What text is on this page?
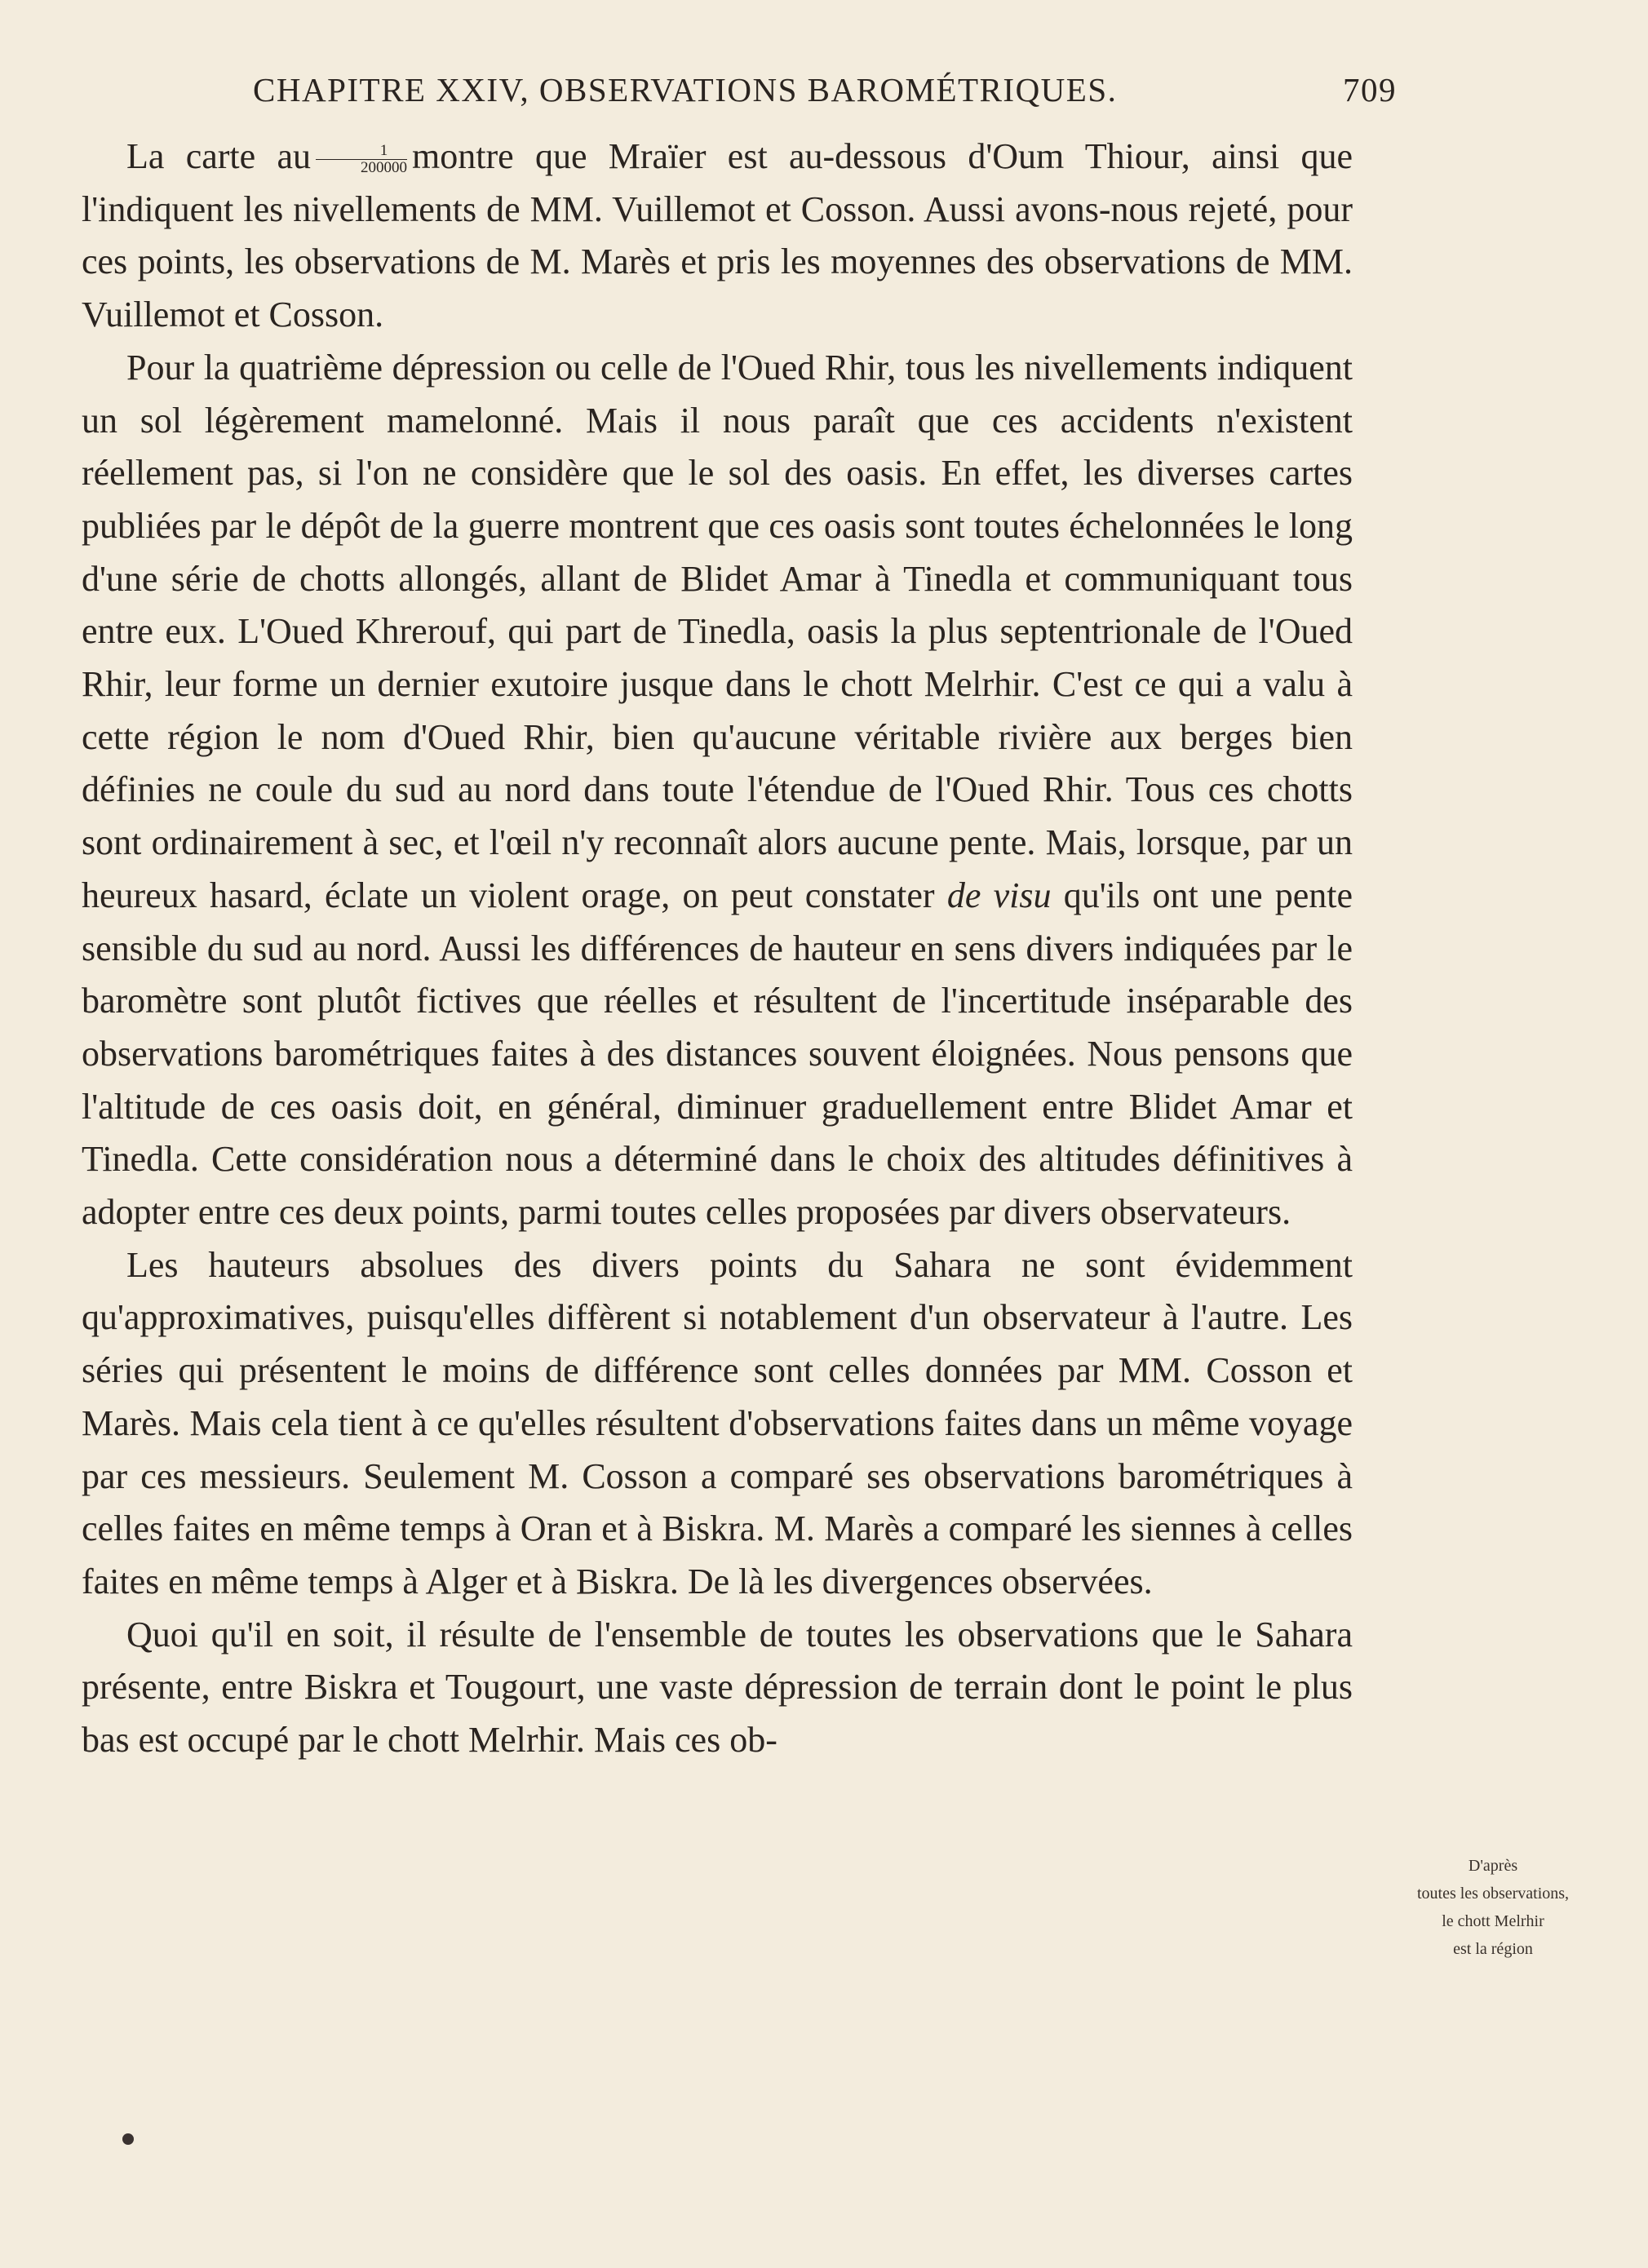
CHAPITRE XXIV, OBSERVATIONS BAROMÉTRIQUES.	709

La carte au $\frac{1}{200000}$ montre que Mraïer est au-dessous d'Oum Thiour, ainsi que l'indiquent les nivellements de MM. Vuillemot et Cosson. Aussi avons-nous rejeté, pour ces points, les observations de M. Marès et pris les moyennes des observations de MM. Vuillemot et Cosson.

Pour la quatrième dépression ou celle de l'Oued Rhir, tous les nivellements indiquent un sol légèrement mamelonné. Mais il nous paraît que ces accidents n'existent réellement pas, si l'on ne considère que le sol des oasis. En effet, les diverses cartes publiées par le dépôt de la guerre montrent que ces oasis sont toutes échelonnées le long d'une série de chotts allongés, allant de Blidet Amar à Tinedla et communiquant tous entre eux. L'Oued Khrerouf, qui part de Tinedla, oasis la plus septentrionale de l'Oued Rhir, leur forme un dernier exutoire jusque dans le chott Melrhir. C'est ce qui a valu à cette région le nom d'Oued Rhir, bien qu'aucune véritable rivière aux berges bien définies ne coule du sud au nord dans toute l'étendue de l'Oued Rhir. Tous ces chotts sont ordinairement à sec, et l'œil n'y reconnaît alors aucune pente. Mais, lorsque, par un heureux hasard, éclate un violent orage, on peut constater de visu qu'ils ont une pente sensible du sud au nord. Aussi les différences de hauteur en sens divers indiquées par le baromètre sont plutôt fictives que réelles et résultent de l'incertitude inséparable des observations barométriques faites à des distances souvent éloignées. Nous pensons que l'altitude de ces oasis doit, en général, diminuer graduellement entre Blidet Amar et Tinedla. Cette considération nous a déterminé dans le choix des altitudes définitives à adopter entre ces deux points, parmi toutes celles proposées par divers observateurs.

Les hauteurs absolues des divers points du Sahara ne sont évidemment qu'approximatives, puisqu'elles diffèrent si notablement d'un observateur à l'autre. Les séries qui présentent le moins de différence sont celles données par MM. Cosson et Marès. Mais cela tient à ce qu'elles résultent d'observations faites dans un même voyage par ces messieurs. Seulement M. Cosson a comparé ses observations barométriques à celles faites en même temps à Oran et à Biskra. M. Marès a comparé les siennes à celles faites en même temps à Alger et à Biskra. De là les divergences observées.

Quoi qu'il en soit, il résulte de l'ensemble de toutes les observations que le Sahara présente, entre Biskra et Tougourt, une vaste dépression de terrain dont le point le plus bas est occupé par le chott Melrhir. Mais ces ob-

D'après
toutes les observations,
le chott Melrhir
est la région
